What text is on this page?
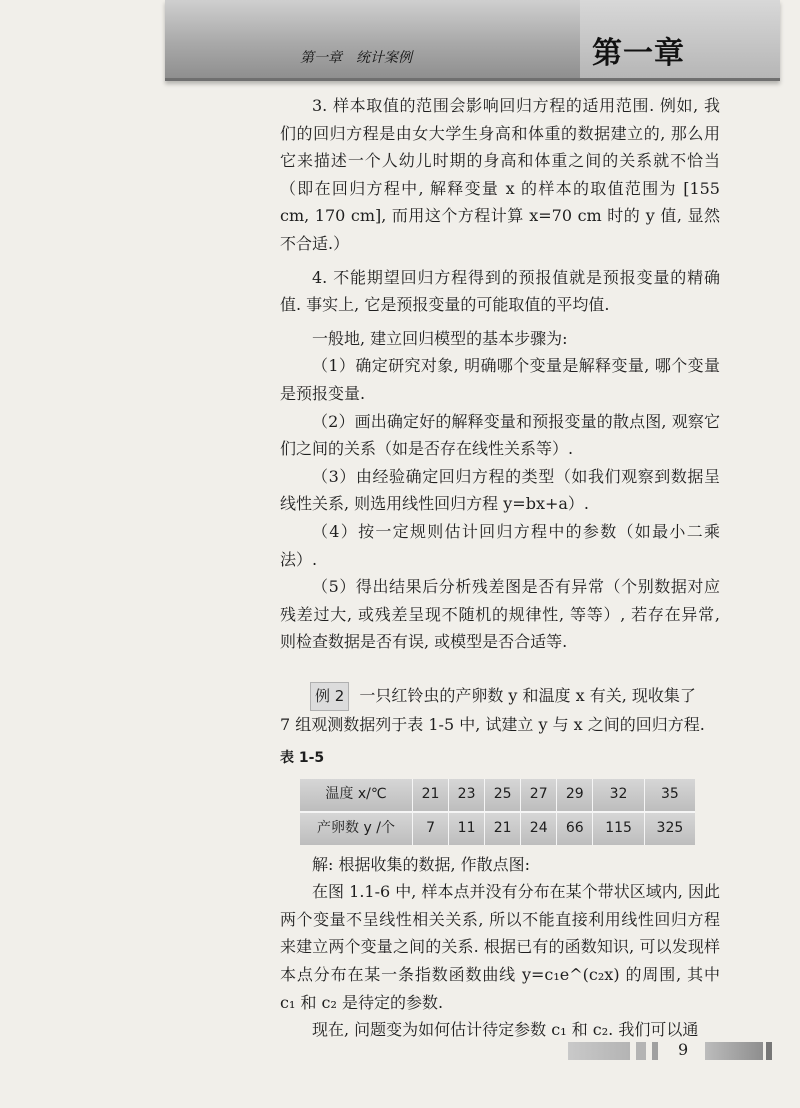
第一章　统计案例	第一章

3. 样本取值的范围会影响回归方程的适用范围. 例如, 我们的回归方程是由女大学生身高和体重的数据建立的, 那么用它来描述一个人幼儿时期的身高和体重之间的关系就不恰当（即在回归方程中, 解释变量 x 的样本的取值范围为 [155 cm, 170 cm], 而用这个方程计算 x=70 cm 时的 y 值, 显然不合适.）

4. 不能期望回归方程得到的预报值就是预报变量的精确值. 事实上, 它是预报变量的可能取值的平均值.

一般地, 建立回归模型的基本步骤为:

（1）确定研究对象, 明确哪个变量是解释变量, 哪个变量是预报变量.

（2）画出确定好的解释变量和预报变量的散点图, 观察它们之间的关系（如是否存在线性关系等）.

（3）由经验确定回归方程的类型（如我们观察到数据呈线性关系, 则选用线性回归方程 y=bx+a）.

（4）按一定规则估计回归方程中的参数（如最小二乘法）.

（5）得出结果后分析残差图是否有异常（个别数据对应残差过大, 或残差呈现不随机的规律性, 等等）, 若存在异常, 则检查数据是否有误, 或模型是否合适等.

例 2 一只红铃虫的产卵数 y 和温度 x 有关, 现收集了

7 组观测数据列于表 1-5 中, 试建立 y 与 x 之间的回归方程.

表 1-5
温度 x/℃	21	23	25	27	29	32	35
产卵数 y /个	7	11	21	24	66	115	325

解: 根据收集的数据, 作散点图:

在图 1.1-6 中, 样本点并没有分布在某个带状区域内, 因此两个变量不呈线性相关关系, 所以不能直接利用线性回归方程来建立两个变量之间的关系. 根据已有的函数知识, 可以发现样本点分布在某一条指数函数曲线 y=c₁e^(c₂x) 的周围, 其中 c₁ 和 c₂ 是待定的参数.

现在, 问题变为如何估计待定参数 c₁ 和 c₂. 我们可以通

9
